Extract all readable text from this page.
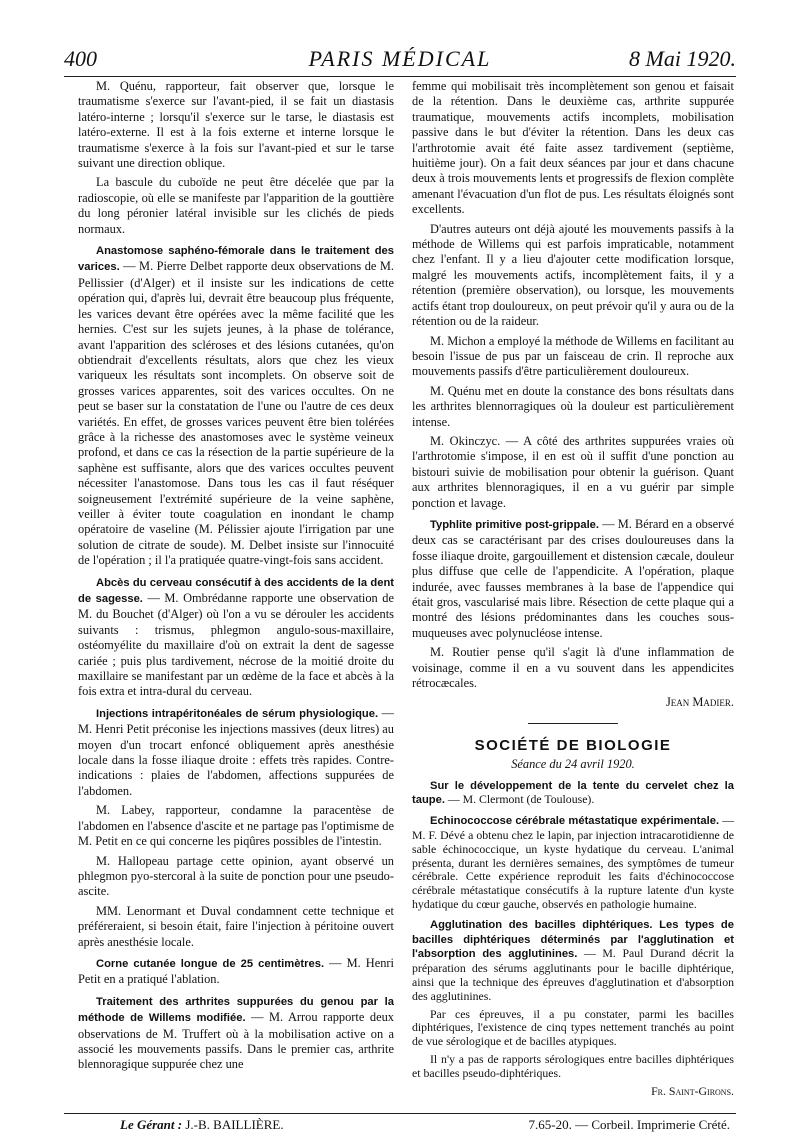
400	PARIS MÉDICAL	8 Mai 1920.

M. Quénu, rapporteur, fait observer que, lorsque le traumatisme s'exerce sur l'avant-pied, il se fait un diastasis latéro-interne ; lorsqu'il s'exerce sur le tarse, le diastasis est latéro-externe. Il est à la fois externe et interne lorsque le traumatisme s'exerce à la fois sur l'avant-pied et sur le tarse suivant une direction oblique.

La bascule du cuboïde ne peut être décelée que par la radioscopie, où elle se manifeste par l'apparition de la gouttière du long péronier latéral invisible sur les clichés de pieds normaux.

Anastomose saphéno-fémorale dans le traitement des varices. — M. Pierre Delbet rapporte deux observations de M. Pellissier (d'Alger) et il insiste sur les indications de cette opération qui, d'après lui, devrait être beaucoup plus fréquente, les varices devant être opérées avec la même facilité que les hernies. C'est sur les sujets jeunes, à la phase de tolérance, avant l'apparition des scléroses et des lésions cutanées, qu'on obtiendrait d'excellents résultats, alors que chez les vieux variqueux les résultats sont incomplets. On observe soit de grosses varices apparentes, soit des varices occultes. On ne peut se baser sur la constatation de l'une ou l'autre de ces deux variétés. En effet, de grosses varices peuvent être bien tolérées grâce à la richesse des anastomoses avec le système veineux profond, et dans ce cas la résection de la partie supérieure de la saphène est suffisante, alors que des varices occultes peuvent nécessiter l'anastomose. Dans tous les cas il faut réséquer soigneusement l'extrémité supérieure de la veine saphène, veiller à éviter toute coagulation en inondant le champ opératoire de vaseline (M. Pélissier ajoute l'irrigation par une solution de citrate de soude). M. Delbet insiste sur l'innocuité de l'opération ; il l'a pratiquée quatre-vingt-fois sans accident.

Abcès du cerveau consécutif à des accidents de la dent de sagesse. — M. Ombrédanne rapporte une observation de M. du Bouchet (d'Alger) où l'on a vu se dérouler les accidents suivants : trismus, phlegmon angulo-sous-maxillaire, ostéomyélite du maxillaire d'où on extrait la dent de sagesse cariée ; puis plus tardivement, nécrose de la moitié droite du maxillaire se manifestant par un œdème de la face et abcès à la fois extra et intra-dural du cerveau.

Injections intrapéritonéales de sérum physiologique. — M. Henri Petit préconise les injections massives (deux litres) au moyen d'un trocart enfoncé obliquement après anesthésie locale dans la fosse iliaque droite : effets très rapides. Contre-indications : plaies de l'abdomen, affections suppurées de l'abdomen.

M. Labey, rapporteur, condamne la paracentèse de l'abdomen en l'absence d'ascite et ne partage pas l'optimisme de M. Petit en ce qui concerne les piqûres possibles de l'intestin.

M. Hallopeau partage cette opinion, ayant observé un phlegmon pyo-stercoral à la suite de ponction pour une pseudo-ascite.

MM. Lenormant et Duval condamnent cette technique et préféreraient, si besoin était, faire l'injection à péritoine ouvert après anesthésie locale.

Corne cutanée longue de 25 centimètres. — M. Henri Petit en a pratiqué l'ablation.

Traitement des arthrites suppurées du genou par la méthode de Willems modifiée. — M. Arrou rapporte deux observations de M. Truffert où à la mobilisation active on a associé les mouvements passifs. Dans le premier cas, arthrite blennoragique suppurée chez une

femme qui mobilisait très incomplètement son genou et faisait de la rétention. Dans le deuxième cas, arthrite suppurée traumatique, mouvements actifs incomplets, mobilisation passive dans le but d'éviter la rétention. Dans les deux cas l'arthrotomie avait été faite assez tardivement (septième, huitième jour). On a fait deux séances par jour et dans chacune deux à trois mouvements lents et progressifs de flexion complète amenant l'évacuation d'un flot de pus. Les résultats éloignés sont excellents.

D'autres auteurs ont déjà ajouté les mouvements passifs à la méthode de Willems qui est parfois impraticable, notamment chez l'enfant. Il y a lieu d'ajouter cette modification lorsque, malgré les mouvements actifs, incomplètement faits, il y a rétention (première observation), ou lorsque, les mouvements actifs étant trop douloureux, on peut prévoir qu'il y aura ou de la rétention ou de la raideur.

M. Michon a employé la méthode de Willems en facilitant au besoin l'issue de pus par un faisceau de crin. Il reproche aux mouvements passifs d'être particulièrement douloureux.

M. Quénu met en doute la constance des bons résultats dans les arthrites blennorragiques où la douleur est particulièrement intense.

M. Okinczyc. — A côté des arthrites suppurées vraies où l'arthrotomie s'impose, il en est où il suffit d'une ponction au bistouri suivie de mobilisation pour obtenir la guérison. Quant aux arthrites blennoragiques, il en a vu guérir par simple ponction et lavage.

Typhlite primitive post-grippale. — M. Bérard en a observé deux cas se caractérisant par des crises douloureuses dans la fosse iliaque droite, gargouillement et distension cæcale, douleur plus diffuse que celle de l'appendicite. A l'opération, plaque indurée, avec fausses membranes à la base de l'appendice qui était gros, vascularisé mais libre. Résection de cette plaque qui a montré des lésions prédominantes dans les couches sous-muqueuses avec polynucléose intense.

M. Routier pense qu'il s'agit là d'une inflammation de voisinage, comme il en a vu souvent dans les appendicites rétrocæcales.

Jean Madier.

SOCIÉTÉ DE BIOLOGIE

Séance du 24 avril 1920.

Sur le développement de la tente du cervelet chez la taupe. — M. Clermont (de Toulouse).

Echinococcose cérébrale métastatique expérimentale. — M. F. Dévé a obtenu chez le lapin, par injection intracarotidienne de sable échinococcique, un kyste hydatique du cerveau. L'animal présenta, durant les dernières semaines, des symptômes de tumeur cérébrale. Cette expérience reproduit les faits d'échinococcose cérébrale métastatique consécutifs à la rupture latente d'un kyste hydatique du cœur gauche, observés en pathologie humaine.

Agglutination des bacilles diphtériques. Les types de bacilles diphtériques déterminés par l'agglutination et l'absorption des agglutinines. — M. Paul Durand décrit la préparation des sérums agglutinants pour le bacille diphtérique, ainsi que la technique des épreuves d'agglutination et d'absorption des agglutinines.

Par ces épreuves, il a pu constater, parmi les bacilles diphtériques, l'existence de cinq types nettement tranchés au point de vue sérologique et de bacilles atypiques.

Il n'y a pas de rapports sérologiques entre bacilles diphtériques et bacilles pseudo-diphtériques.

Fr. Saint-Girons.

Le Gérant : J.-B. BAILLIÈRE.	7.65-20. — Corbeil. Imprimerie Crété.
